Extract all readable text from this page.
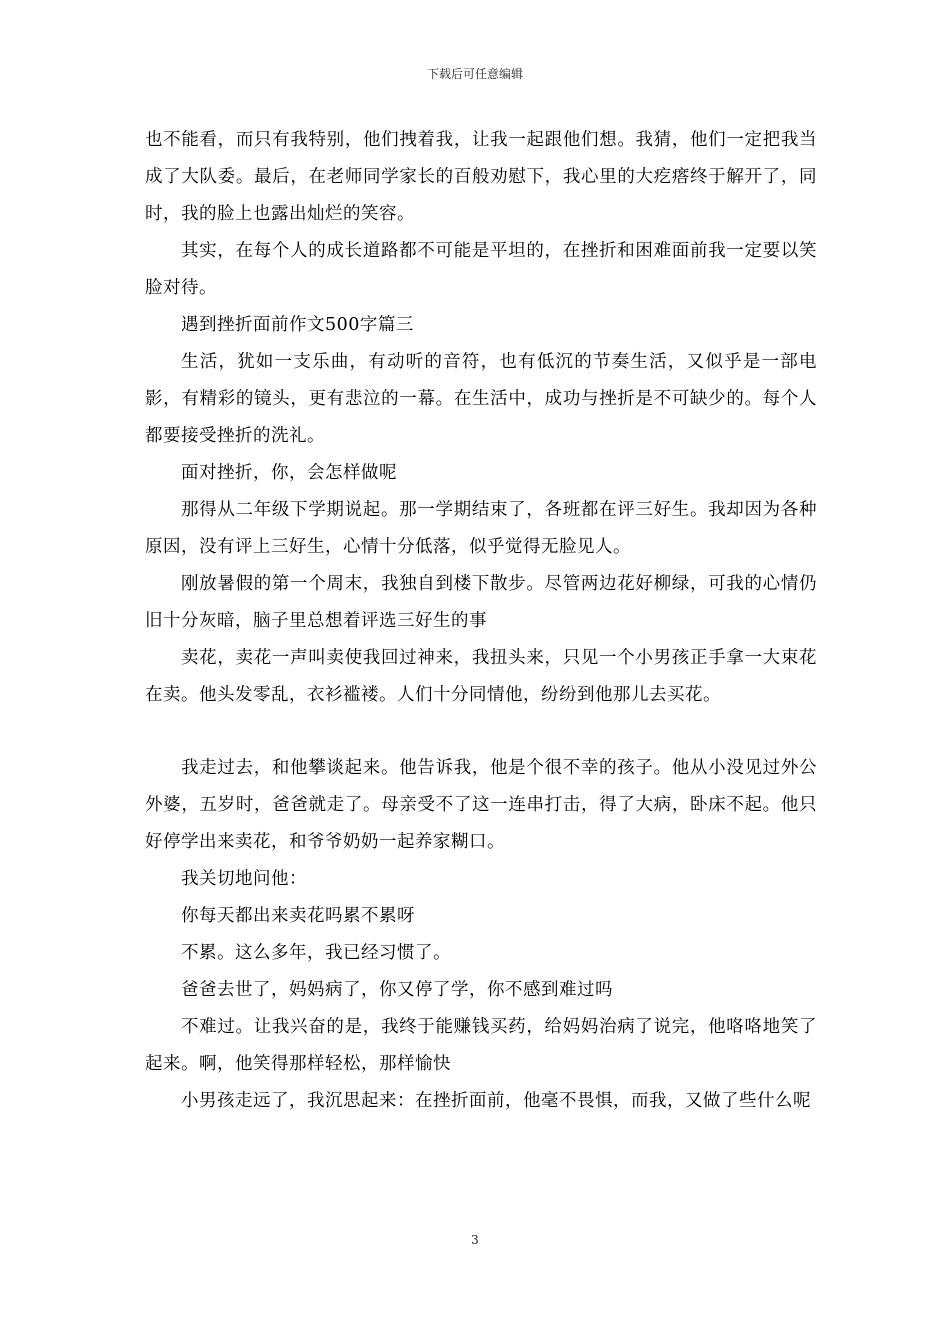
下载后可任意编辑

也不能看，而只有我特别，他们拽着我，让我一起跟他们想。我猜，他们一定把我当成了大队委。最后，在老师同学家长的百般劝慰下，我心里的大疙瘩终于解开了，同时，我的脸上也露出灿烂的笑容。

其实，在每个人的成长道路都不可能是平坦的，在挫折和困难面前我一定要以笑脸对待。

遇到挫折面前作文500字篇三

生活，犹如一支乐曲，有动听的音符，也有低沉的节奏生活，又似乎是一部电影，有精彩的镜头，更有悲泣的一幕。在生活中，成功与挫折是不可缺少的。每个人都要接受挫折的洗礼。

面对挫折，你，会怎样做呢

那得从二年级下学期说起。那一学期结束了，各班都在评三好生。我却因为各种原因，没有评上三好生，心情十分低落，似乎觉得无脸见人。

刚放暑假的第一个周末，我独自到楼下散步。尽管两边花好柳绿，可我的心情仍旧十分灰暗，脑子里总想着评选三好生的事

卖花，卖花一声叫卖使我回过神来，我扭头来，只见一个小男孩正手拿一大束花在卖。他头发零乱，衣衫褴褛。人们十分同情他，纷纷到他那儿去买花。

我走过去，和他攀谈起来。他告诉我，他是个很不幸的孩子。他从小没见过外公外婆，五岁时，爸爸就走了。母亲受不了这一连串打击，得了大病，卧床不起。他只好停学出来卖花，和爷爷奶奶一起养家糊口。

我关切地问他：

你每天都出来卖花吗累不累呀

不累。这么多年，我已经习惯了。

爸爸去世了，妈妈病了，你又停了学，你不感到难过吗

不难过。让我兴奋的是，我终于能赚钱买药，给妈妈治病了说完，他咯咯地笑了起来。啊，他笑得那样轻松，那样愉快

小男孩走远了，我沉思起来：在挫折面前，他毫不畏惧，而我，又做了些什么呢

3
